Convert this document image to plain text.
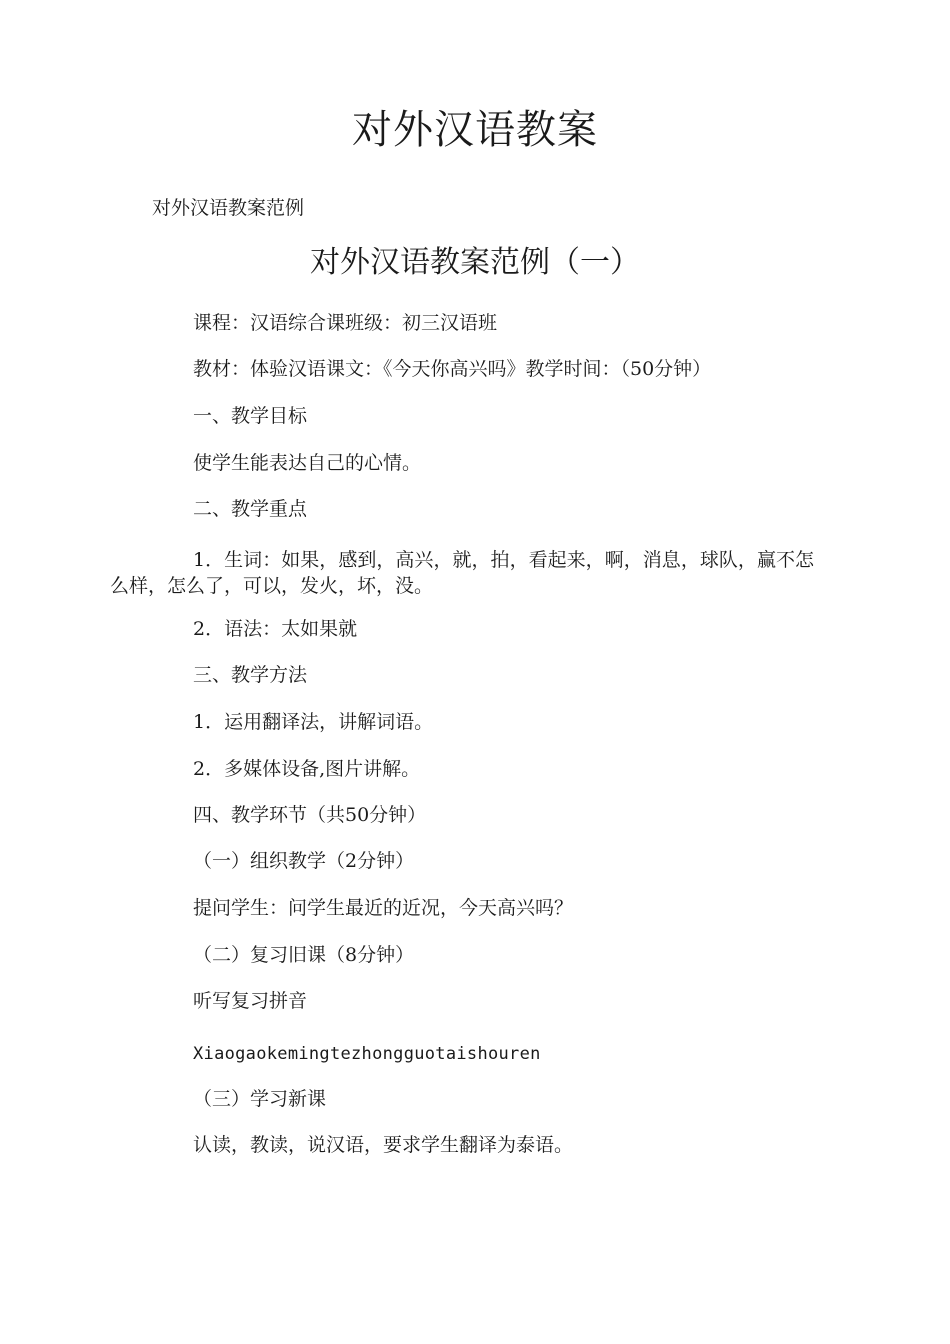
对外汉语教案
对外汉语教案范例
对外汉语教案范例（一）
课程：汉语综合课班级：初三汉语班
教材：体验汉语课文：《今天你高兴吗》教学时间：（50分钟）
一、教学目标
使学生能表达自己的心情。
二、教学重点
1．生词：如果，感到，高兴，就，拍，看起来，啊，消息，球队，赢不怎么样，怎么了，可以，发火，坏，没。
2．语法：太如果就
三、教学方法
1．运用翻译法，讲解词语。
2．多媒体设备,图片讲解。
四、教学环节（共50分钟）
（一）组织教学（2分钟）
提问学生：问学生最近的近况，今天高兴吗？
（二）复习旧课（8分钟）
听写复习拼音
Xiaogaokemingtezhongguotaishouren
（三）学习新课
认读，教读，说汉语，要求学生翻译为泰语。
